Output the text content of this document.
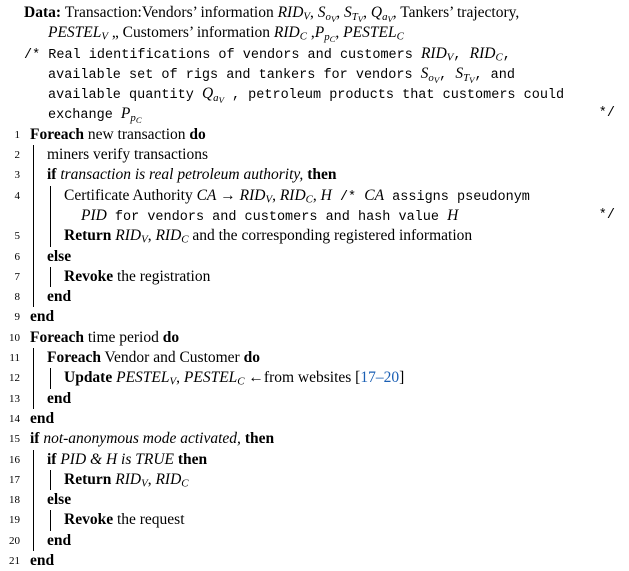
Data: Transaction:Vendors’ information $RID_V$, $S_{o_V}$, $S_{T_V}$, $Q_{a_V}$, Tankers’ trajectory,
$PESTEL_V$ „ Customers’ information $RID_C$ $,P_{p_C}$, $PESTEL_C$
/* Real identifications of vendors and customers $RID_V$, $RID_C$,
available set of rigs and tankers for vendors $S_{o_V}$, $S_{T_V}$, and
available quantity $Q_{a_V}$ , petroleum products that customers could
exchange $P_{p_C}$	*/
1 Foreach new transaction do
2 miners verify transactions
3 if transaction is real petroleum authority, then
4	Certificate Authority CA → $RID_V$, $RID_C$, H /* CA assigns pseudonym
PID for vendors and customers and hash value H	*/
5	Return $RID_V$, $RID_C$ and the corresponding registered information
6 else
7	Revoke the registration
8 end
9 end
10 Foreach time period do
11 Foreach Vendor and Customer do
12	Update $PESTEL_V$, $PESTEL_C$ ←from websites [17–20]
13 end
14 end
15 if not-anonymous mode activated, then
16 if PID & H is TRUE then
17	Return $RID_V$, $RID_C$
18 else
19	Revoke the request
20 end
21 end
